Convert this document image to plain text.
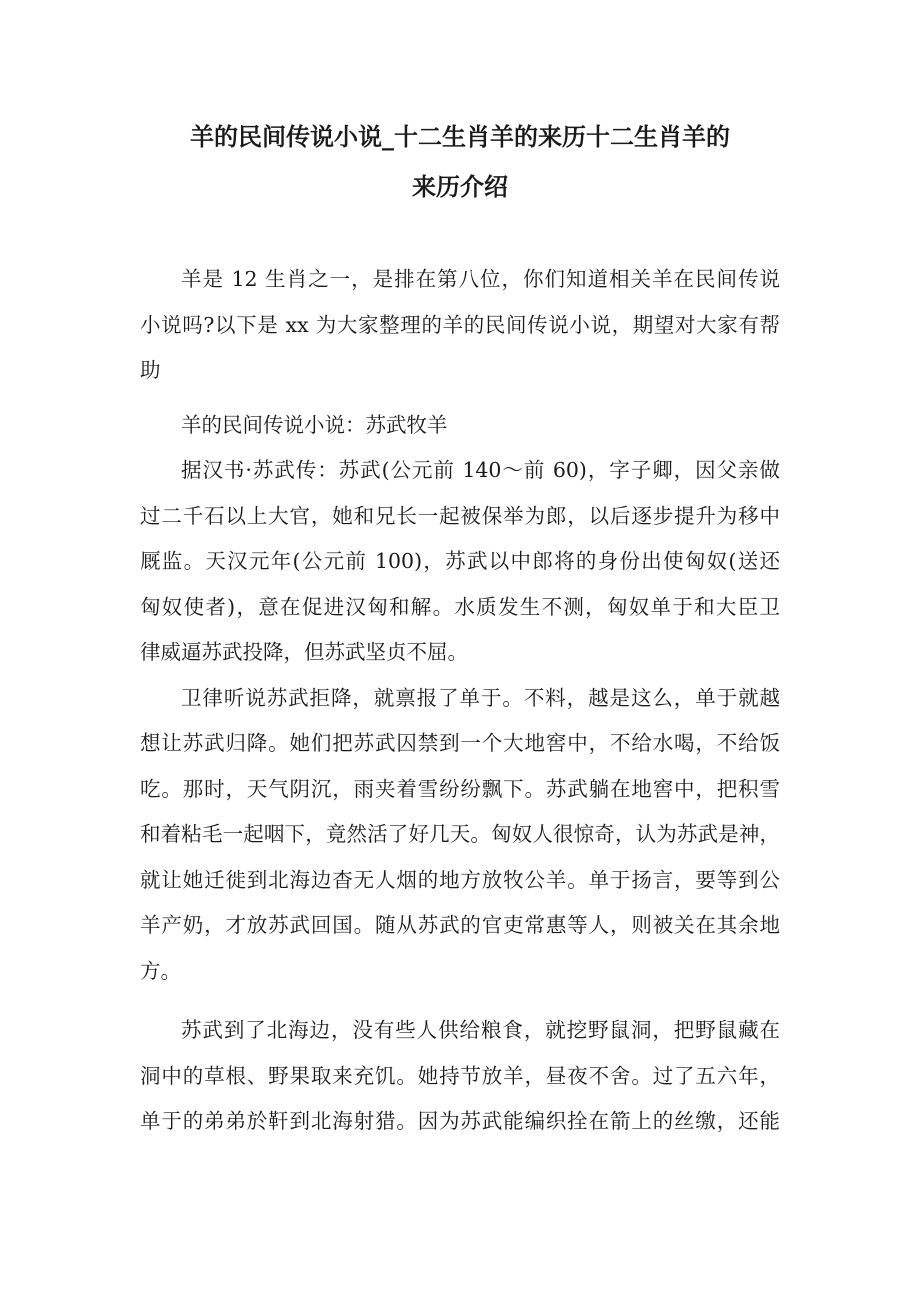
羊的民间传说小说_十二生肖羊的来历十二生肖羊的
来历介绍
羊是 12 生肖之一，是排在第八位，你们知道相关羊在民间传说
小说吗?以下是 xx 为大家整理的羊的民间传说小说，期望对大家有帮
助
羊的民间传说小说：苏武牧羊
据汉书·苏武传：苏武(公元前 140～前 60)，字子卿，因父亲做
过二千石以上大官，她和兄长一起被保举为郎，以后逐步提升为移中
厩监。天汉元年(公元前 100)，苏武以中郎将的身份出使匈奴(送还
匈奴使者)，意在促进汉匈和解。水质发生不测，匈奴单于和大臣卫
律威逼苏武投降，但苏武坚贞不屈。
卫律听说苏武拒降，就禀报了单于。不料，越是这么，单于就越
想让苏武归降。她们把苏武囚禁到一个大地窖中，不给水喝，不给饭
吃。那时，天气阴沉，雨夹着雪纷纷飘下。苏武躺在地窖中，把积雪
和着粘毛一起咽下，竟然活了好几天。匈奴人很惊奇，认为苏武是神，
就让她迁徙到北海边杳无人烟的地方放牧公羊。单于扬言，要等到公
羊产奶，才放苏武回国。随从苏武的官吏常惠等人，则被关在其余地
方。
苏武到了北海边，没有些人供给粮食，就挖野鼠洞，把野鼠藏在
洞中的草根、野果取来充饥。她持节放羊，昼夜不舍。过了五六年，
单于的弟弟於靬到北海射猎。因为苏武能编织拴在箭上的丝缴，还能
